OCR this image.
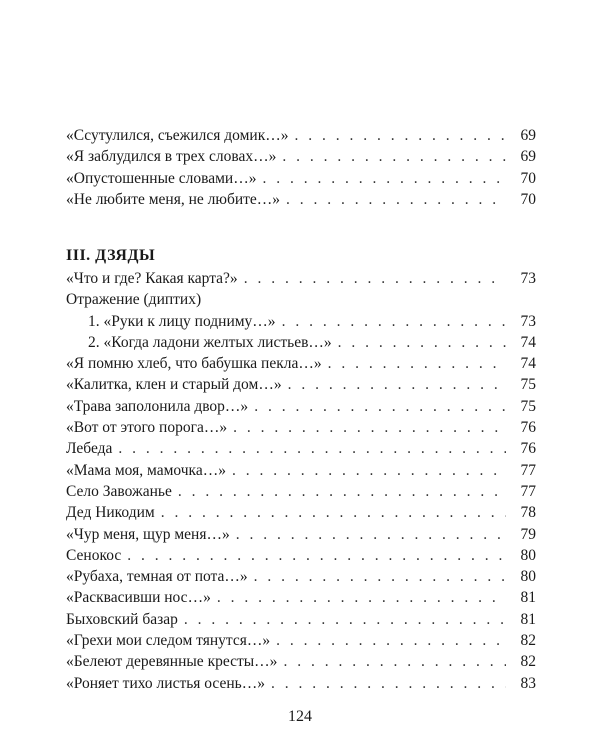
«Ссутулился, съежился домик…» . . .	69
«Я заблудился в трех словах…» . . .	69
«Опустошенные словами…» . . .	70
«Не любите меня, не любите…» . . .	70
III. ДЗЯДЫ
«Что и где? Какая карта?» . . .	73
Отражение (диптих)
1. «Руки к лицу подниму…» . . .	73
2. «Когда ладони желтых листьев…» . . .	74
«Я помню хлеб, что бабушка пекла…» . . .	74
«Калитка, клен и старый дом…» . . .	75
«Трава заполонила двор…» . . .	75
«Вот от этого порога…» . . .	76
Лебеда . . .	76
«Мама моя, мамочка…» . . .	77
Село Завожанье . . .	77
Дед Никодим . . .	78
«Чур меня, щур меня…» . . .	79
Сенокос . . .	80
«Рубаха, темная от пота…» . . .	80
«Расквасивши нос…» . . .	81
Быховский базар . . .	81
«Грехи мои следом тянутся…» . . .	82
«Белеют деревянные кресты…» . . .	82
«Роняет тихо листья осень…» . . .	83
124
